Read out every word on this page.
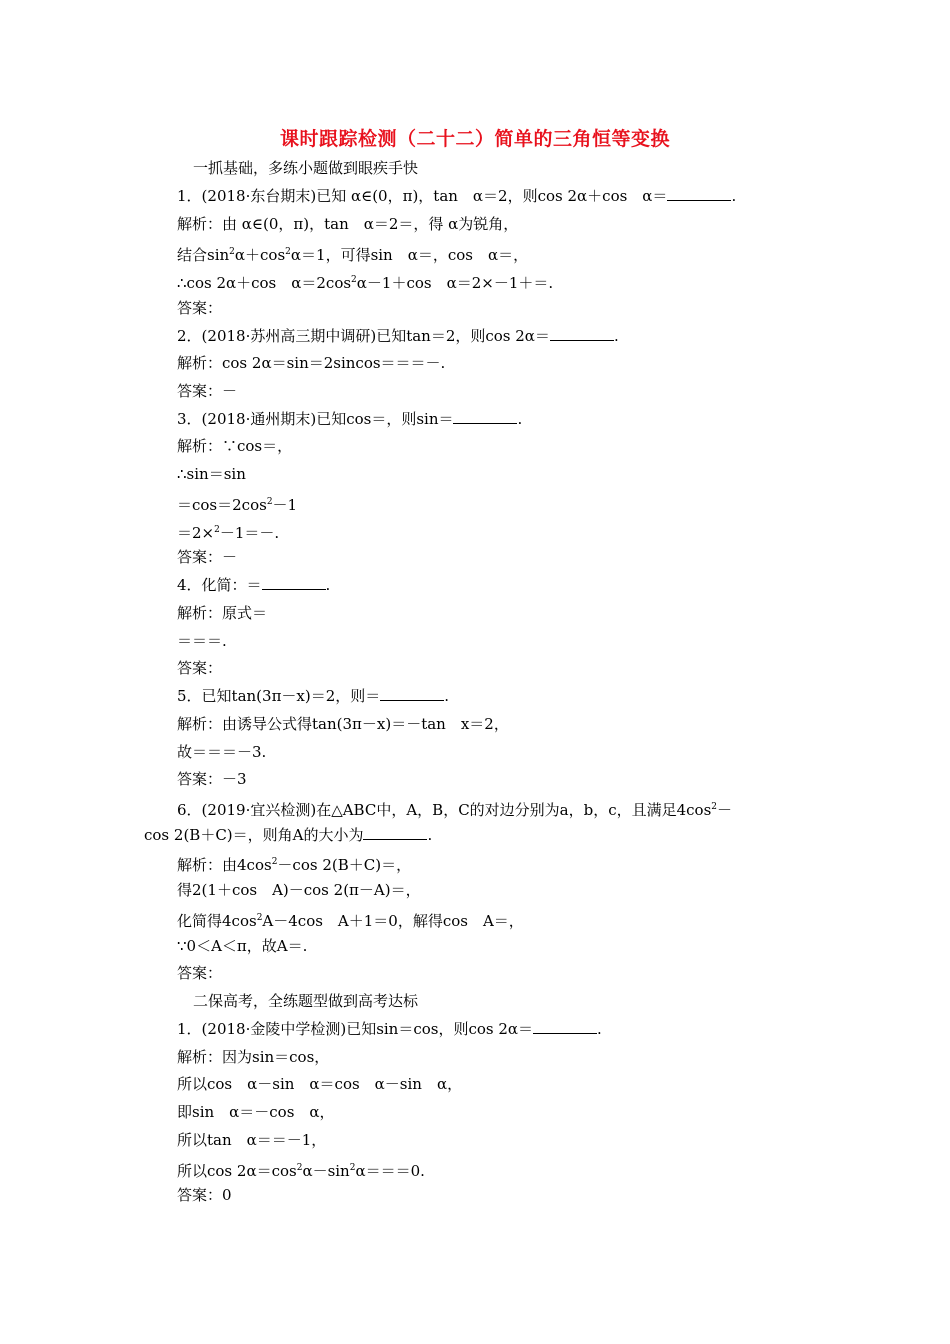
课时跟踪检测（二十二）简单的三角恒等变换
一抓基础，多练小题做到眼疾手快
1．(2018·东台期末)已知 α∈(0，π)，tan　α＝2，则cos 2α＋cos　α＝	.
解析：由 α∈(0，π)，tan　α＝2＝，得 α为锐角，
结合$\sin^2\alpha+\cos^2\alpha=1$，可得sin　α＝，cos　α＝，
∴cos 2α＋cos　$\alpha=2\cos^2\alpha-1+\cos$　α＝2×－1＋＝.
答案：
2．(2018·苏州高三期中调研)已知tan＝2，则cos 2α＝	.
解析：cos 2α＝sin＝2sincos＝＝＝－.
答案：－
3．(2018·通州期末)已知cos＝，则sin＝	.
解析：∵cos＝，
∴sin＝sin
$=\cos=2\cos^2-1$
＝2×$^2$－1＝－.
答案：－
4．化简：＝	.
解析：原式＝
＝＝＝.
答案：
5．已知tan(3π－x)＝2，则＝	.
解析：由诱导公式得tan(3π－x)＝－tan　x＝2，
故＝＝＝－3.
答案：－3
6．(2019·宜兴检测)在△ABC中，A，B，C的对边分别为a，b，c，且满足$4\cos^2-$
cos 2(B＋C)＝，则角A的大小为	.
解析：由$4\cos^2-\cos$ 2(B＋C)＝，
得2(1＋cos　A)－cos 2(π－A)＝，
化简得$4\cos^2A-4\cos$　A＋1＝0，解得cos　A＝，
∵0＜A＜π，故A＝.
答案：
二保高考，全练题型做到高考达标
1．(2018·金陵中学检测)已知sin＝cos，则cos 2α＝	.
解析：因为sin＝cos，
所以cos　α－sin　α＝cos　α－sin　α，
即sin　α＝－cos　α，
所以tan　α＝＝－1，
所以$\cos 2\alpha=\cos^2\alpha-\sin^2\alpha===0$.
答案：0
